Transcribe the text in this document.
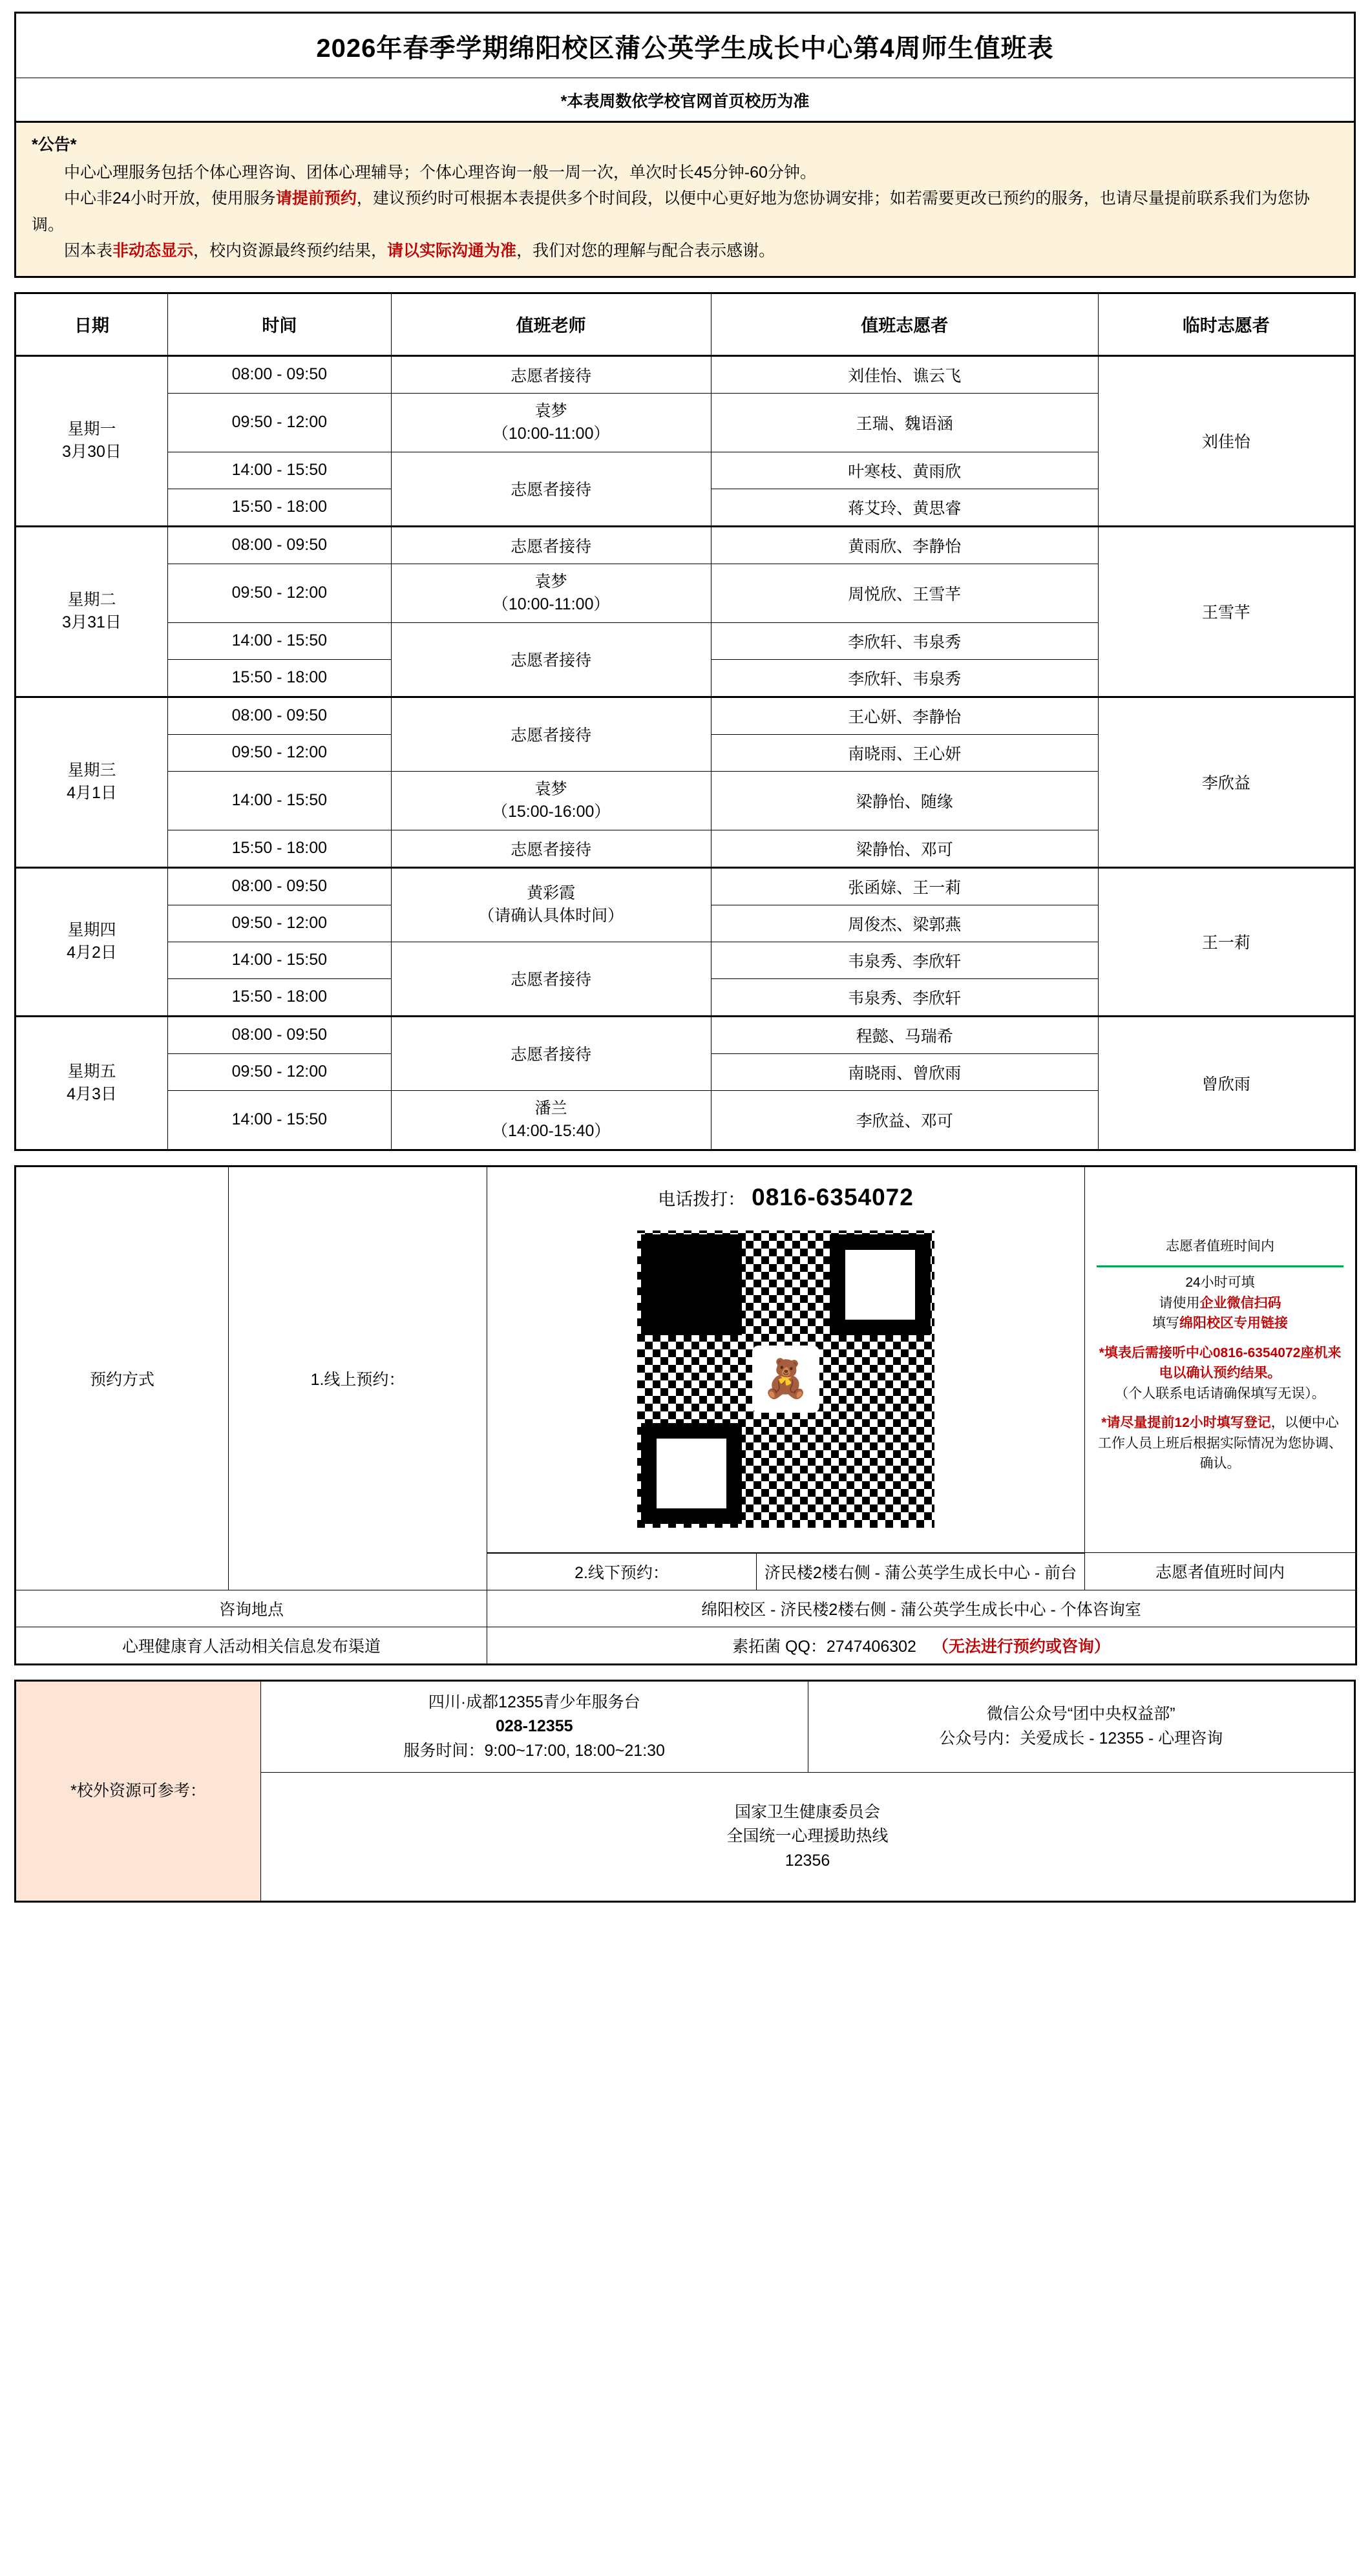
2026年春季学期绵阳校区蒲公英学生成长中心第4周师生值班表
*本表周数依学校官网首页校历为准
*公告*

中心心理服务包括个体心理咨询、团体心理辅导；个体心理咨询一般一周一次，单次时长45分钟-60分钟。

中心非24小时开放，使用服务请提前预约，建议预约时可根据本表提供多个时间段，以便中心更好地为您协调安排；如若需要更改已预约的服务，也请尽量提前联系我们为您协调。

因本表非动态显示，校内资源最终预约结果，请以实际沟通为准，我们对您的理解与配合表示感谢。

日期	时间	值班老师	值班志愿者	临时志愿者

星期一
3月30日	08:00 - 09:50	志愿者接待	刘佳怡、谯云飞	刘佳怡
	09:50 - 12:00	袁梦
（10:00-11:00）	王瑞、魏语涵	
	14:00 - 15:50	志愿者接待	叶寒枝、黄雨欣	
	15:50 - 18:00		蒋艾玲、黄思睿	

星期二
3月31日	08:00 - 09:50	志愿者接待	黄雨欣、李静怡	王雪芊
	09:50 - 12:00	袁梦
（10:00-11:00）	周悦欣、王雪芊	
	14:00 - 15:50	志愿者接待	李欣轩、韦泉秀	
	15:50 - 18:00		李欣轩、韦泉秀	

星期三
4月1日	08:00 - 09:50	志愿者接待	王心妍、李静怡	李欣益
	09:50 - 12:00		南晓雨、王心妍	
	14:00 - 15:50	袁梦
（15:00-16:00）	梁静怡、随缘	
	15:50 - 18:00	志愿者接待	梁静怡、邓可	

星期四
4月2日
	08:00 - 09:50	黄彩霞
（请确认具体时间）
	张函媇、王一莉	王一莉
	09:50 - 12:00		周俊杰、梁郭燕	
	14:00 - 15:50	志愿者接待	韦泉秀、李欣轩	
	15:50 - 18:00		韦泉秀、李欣轩	

星期五
4月3日	08:00 - 09:50	志愿者接待	程懿、马瑞希	曾欣雨
	09:50 - 12:00		南晓雨、曾欣雨	
	14:00 - 15:50	潘兰
（14:00-15:40）	李欣益、邓可	
预约方式	1.线上预约：	
电话拨打： 0816-6354072
🧸

志愿者值班时间内
24小时可填
请使用企业微信扫码
填写绵阳校区专用链接
*填表后需接听中心0816-6354072座机来电以确认预约结果。
（个人联系电话请确保填写无误）。
*请尽量提前12小时填写登记，以便中心工作人员上班后根据实际情况为您协调、确认。

2.线下预约：	济民楼2楼右侧 - 蒲公英学生成长中心 - 前台
		志愿者值班时间内
咨询地点	绵阳校区 - 济民楼2楼右侧 - 蒲公英学生成长中心 - 个体咨询室
心理健康育人活动相关信息发布渠道	素拓菌 QQ：2747406302 （无法进行预约或咨询）
*校外资源可参考：	
四川·成都12355青少年服务台
028-12355
服务时间：9:00~17:00, 18:00~21:30

微信公众号“团中央权益部”
公众号内：关爱成长 - 12355 - 心理咨询

国家卫生健康委员会
全国统一心理援助热线
12356
